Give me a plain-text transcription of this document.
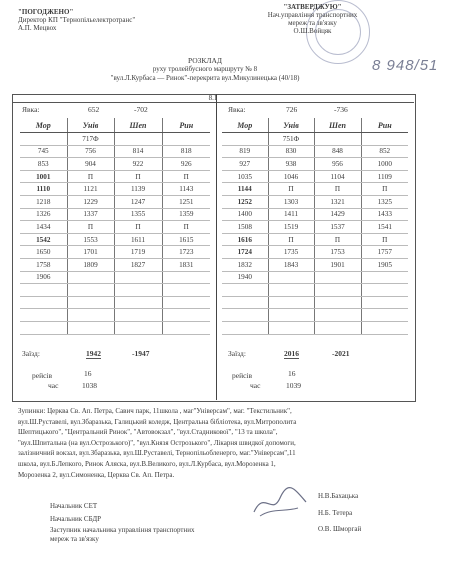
"ПОГОДЖЕНО"
Директор КП "Тернопільелектротранс"
А.П. Мецвох
"ЗАТВЕРДЖУЮ"
Нач.управління транспортних
мереж та зв'язку
О.Ш.Войцяк
8 948/51
РОЗКЛАД
руху тролейбусного маршруту № 8
"вул.Л.Курбаса — Ринок"-перекрита вул.Микулинецька (40/18)
8.1
Явка:	652	-702
Мор	Унів	Шеп	Рин
	717Ф		
745	756	814	818
853	904	922	926
1001	П	П	П
1110	1121	1139	1143
1218	1229	1247	1251
1326	1337	1355	1359
1434	П	П	П
1542	1553	1611	1615
1650	1701	1719	1723
1758	1809	1827	1831
1906			

Заїзд:	1942	-1947
рейсів	16
час	1038
Явка:	726	-736
Мор	Унів	Шеп	Рин
	751Ф		
819	830	848	852
927	938	956	1000
1035	1046	1104	1109
1144	П	П	П
1252	1303	1321	1325
1400	1411	1429	1433
1508	1519	1537	1541
1616	П	П	П
1724	1735	1753	1757
1832	1843	1901	1905
1940			

Заїзд:	2016	-2021
рейсів	16
час	1039
Зупинки: Церква Св. Ап. Петра, Савич парк, 11школа , маг"Універсам", маг. "Текстильник",
вул.Ш.Руставелі, вул.Збаразька, Галицький коледж, Центральна бібліотека, вул.Митрополита
Шептицького", "Центральний Ринок", "Автовокзал", "вул.Стадникової", "13 та школа",
"вул.Шпитальна (на вул.Острозького)", "вул.Князя Острозького", Лікарня швидкої допомоги,
залізничний вокзал, вул.Збаразька, вул.Ш.Руставелі, Тернопільобленерго, маг."Універсам",11
школа, вул.Б.Лепкого, Ринок Аляска, вул.В.Великого, вул.Л.Курбаса, вул.Морозенка 1,
Морозенка 2, вул.Симоненка, Церква Св. Ап. Петра.
Начальник СЕТ
Начальник СБДР
Заступник начальника управління транспортних
мереж та зв'язку
Н.В.Бахацька
Н.Б. Тетера
О.В. Шморгай
